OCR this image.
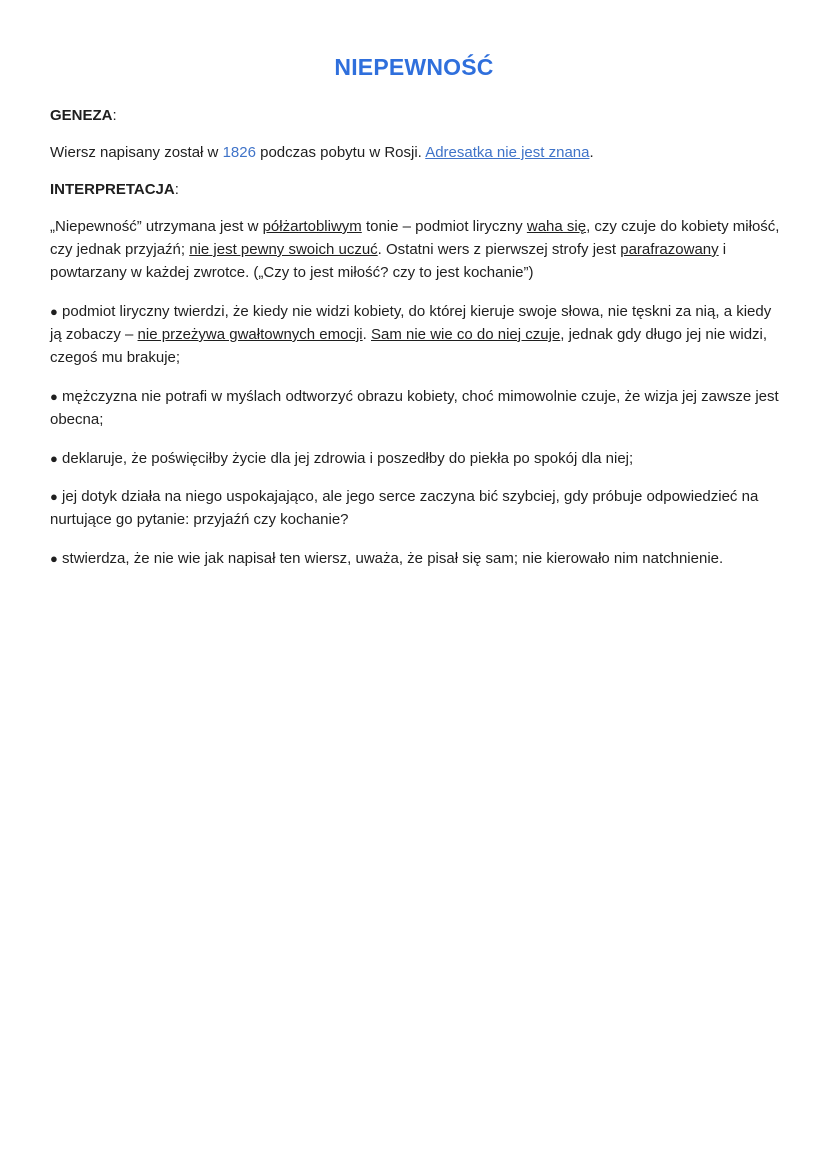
NIEPEWNOŚĆ
GENEZA:

Wiersz napisany został w 1826 podczas pobytu w Rosji. Adresatka nie jest znana.

INTERPRETACJA:

„Niepewność” utrzymana jest w półżartobliwym tonie – podmiot liryczny waha się, czy czuje do kobiety miłość, czy jednak przyjaźń; nie jest pewny swoich uczuć. Ostatni wers z pierwszej strofy jest parafrazowany i powtarzany w każdej zwrotce. („Czy to jest miłość? czy to jest kochanie”)

● podmiot liryczny twierdzi, że kiedy nie widzi kobiety, do której kieruje swoje słowa, nie tęskni za nią, a kiedy ją zobaczy – nie przeżywa gwałtownych emocji. Sam nie wie co do niej czuje, jednak gdy długo jej nie widzi, czegoś mu brakuje;

● mężczyzna nie potrafi w myślach odtworzyć obrazu kobiety, choć mimowolnie czuje, że wizja jej zawsze jest obecna;

● deklaruje, że poświęciłby życie dla jej zdrowia i poszedłby do piekła po spokój dla niej;

● jej dotyk działa na niego uspokajająco, ale jego serce zaczyna bić szybciej, gdy próbuje odpowiedzieć na nurtujące go pytanie: przyjaźń czy kochanie?

● stwierdza, że nie wie jak napisał ten wiersz, uważa, że pisał się sam; nie kierowało nim natchnienie.
